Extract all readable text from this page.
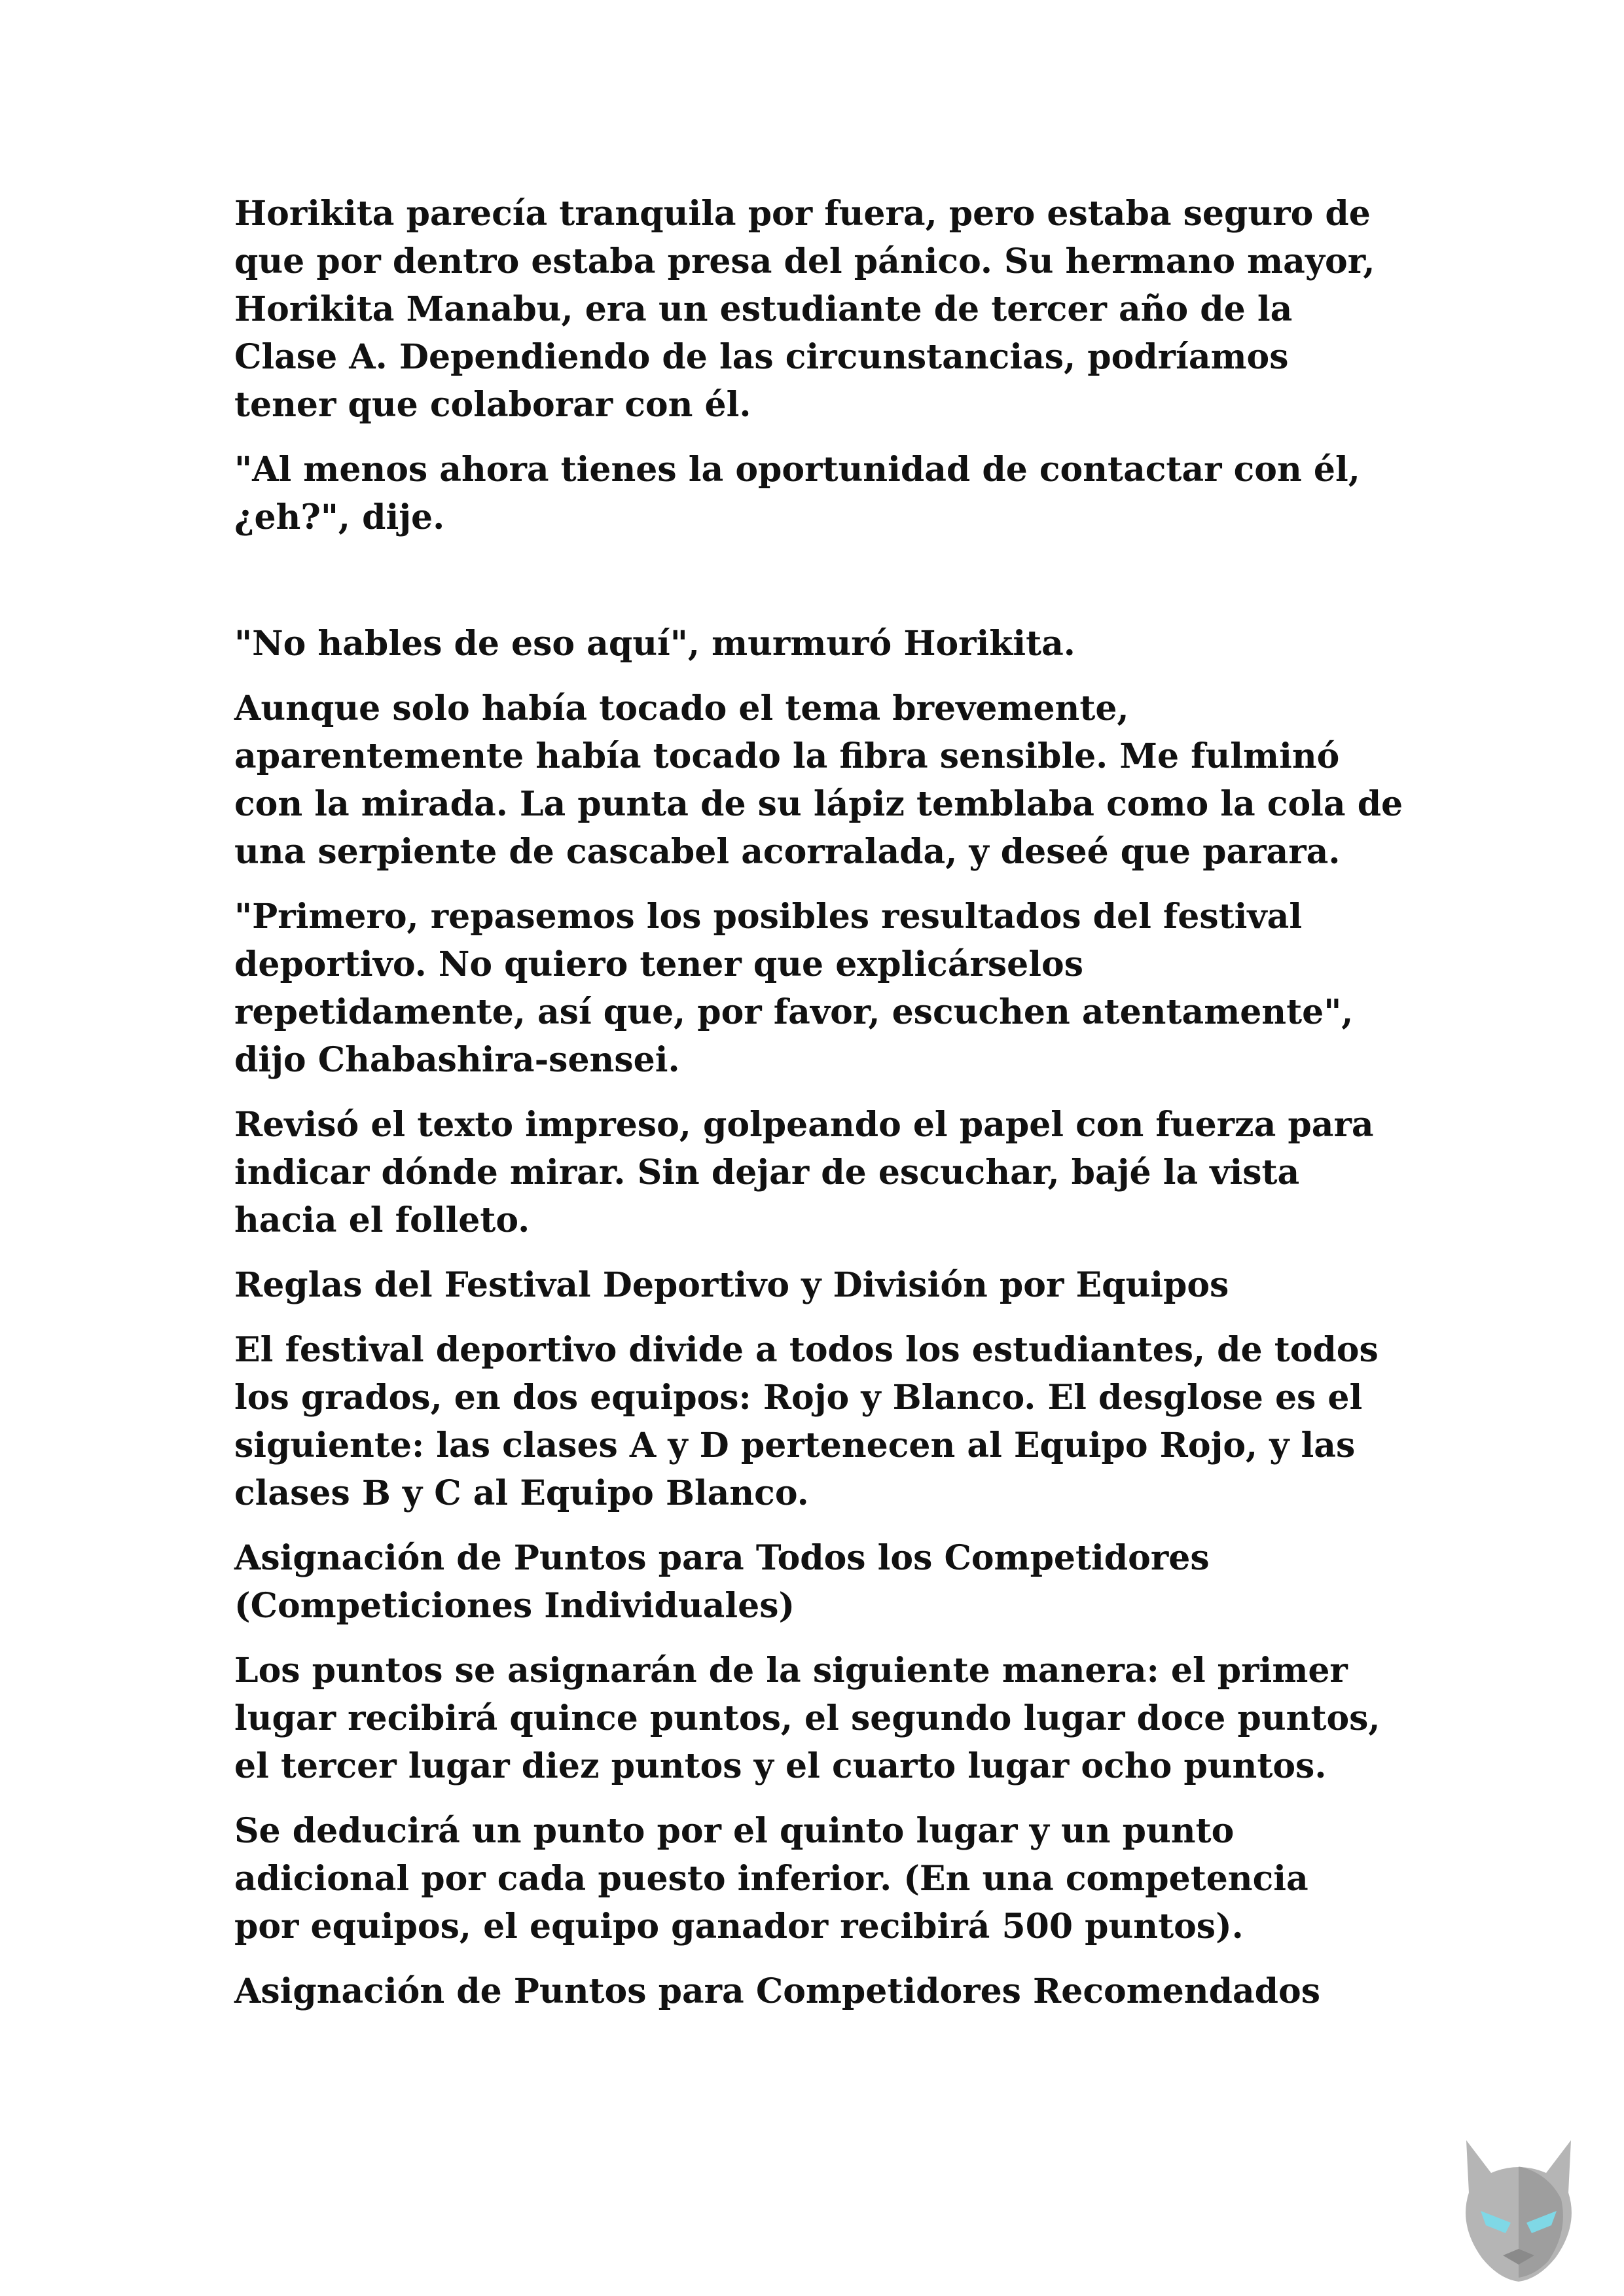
Horikita parecía tranquila por fuera, pero estaba seguro de
que por dentro estaba presa del pánico. Su hermano mayor,
Horikita Manabu, era un estudiante de tercer año de la
Clase A. Dependiendo de las circunstancias, podríamos
tener que colaborar con él.

"Al menos ahora tienes la oportunidad de contactar con él,
¿eh?", dije.

"No hables de eso aquí", murmuró Horikita.

Aunque solo había tocado el tema brevemente,
aparentemente había tocado la fibra sensible. Me fulminó
con la mirada. La punta de su lápiz temblaba como la cola de
una serpiente de cascabel acorralada, y deseé que parara.

"Primero, repasemos los posibles resultados del festival
deportivo. No quiero tener que explicárselos
repetidamente, así que, por favor, escuchen atentamente",
dijo Chabashira-sensei.

Revisó el texto impreso, golpeando el papel con fuerza para
indicar dónde mirar. Sin dejar de escuchar, bajé la vista
hacia el folleto.

Reglas del Festival Deportivo y División por Equipos

El festival deportivo divide a todos los estudiantes, de todos
los grados, en dos equipos: Rojo y Blanco. El desglose es el
siguiente: las clases A y D pertenecen al Equipo Rojo, y las
clases B y C al Equipo Blanco.

Asignación de Puntos para Todos los Competidores
(Competiciones Individuales)

Los puntos se asignarán de la siguiente manera: el primer
lugar recibirá quince puntos, el segundo lugar doce puntos,
el tercer lugar diez puntos y el cuarto lugar ocho puntos.

Se deducirá un punto por el quinto lugar y un punto
adicional por cada puesto inferior. (En una competencia
por equipos, el equipo ganador recibirá 500 puntos).

Asignación de Puntos para Competidores Recomendados
